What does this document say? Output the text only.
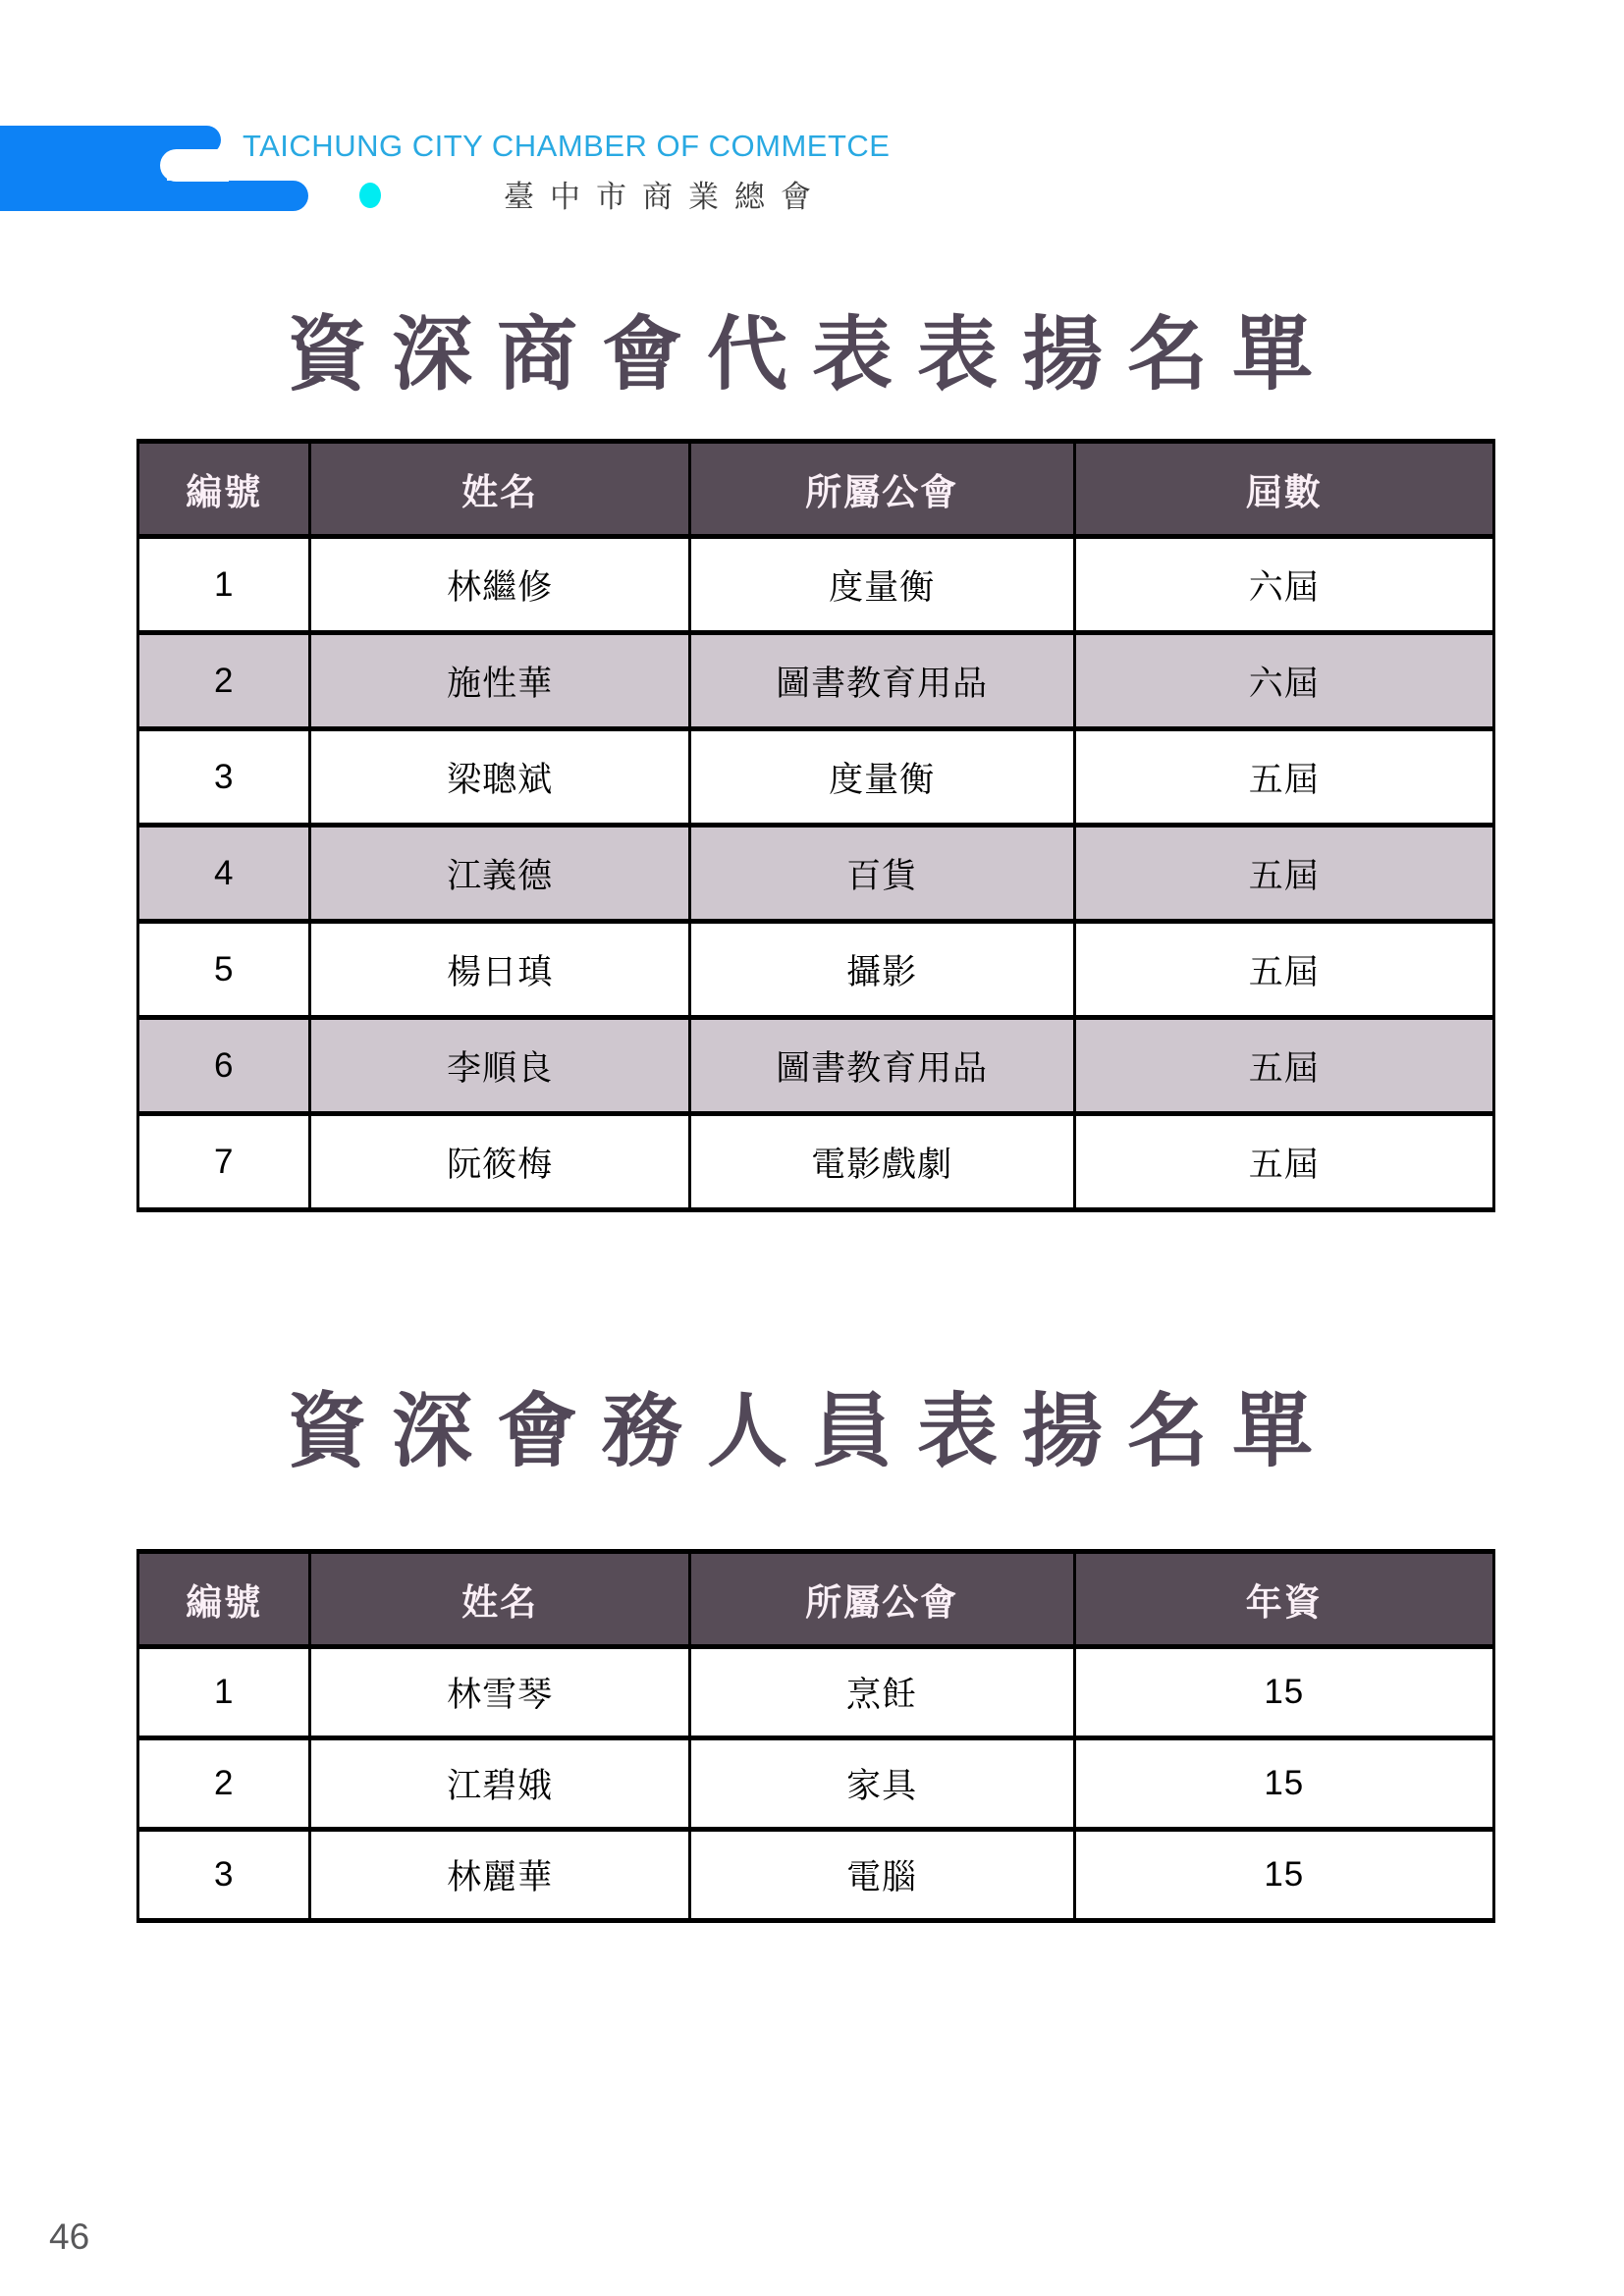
TAICHUNG CITY CHAMBER OF COMMETCE
臺中市商業總會
資深商會代表表揚名單
編號	姓名	所屬公會	屆數
1	林繼修	度量衡	六屆
2	施性華	圖書教育用品	六屆
3	梁聰斌	度量衡	五屆
4	江義德	百貨	五屆
5	楊日瑱	攝影	五屆
6	李順良	圖書教育用品	五屆
7	阮筱梅	電影戲劇	五屆
資深會務人員表揚名單
編號	姓名	所屬公會	年資
1	林雪琴	烹飪	15
2	江碧娥	家具	15
3	林麗華	電腦	15
46
